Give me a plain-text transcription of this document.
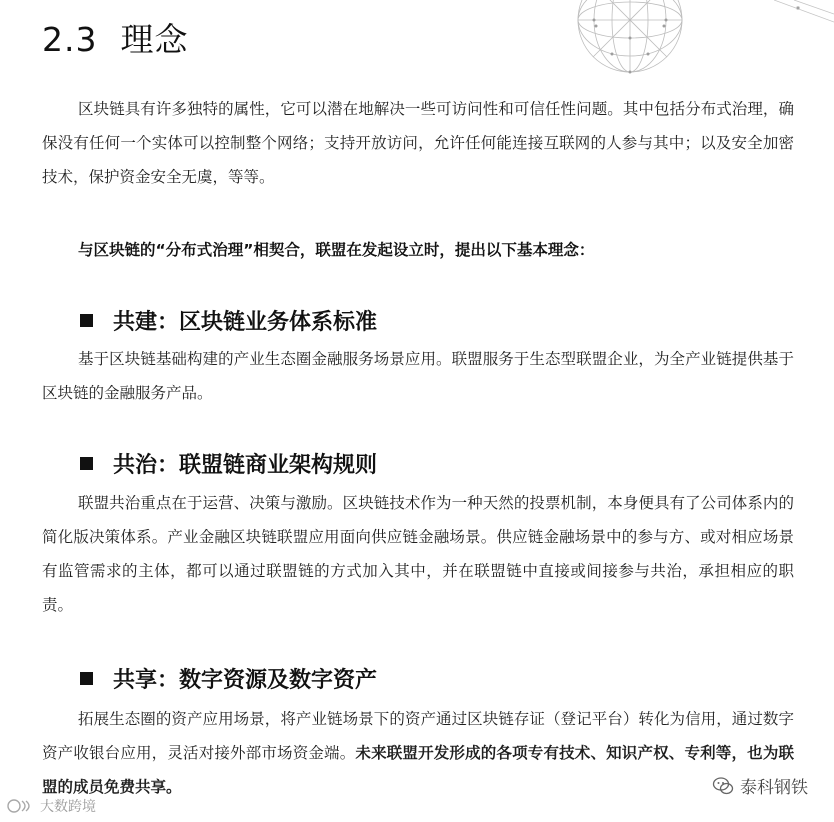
2.3 理念

区块链具有许多独特的属性，它可以潜在地解决一些可访问性和可信任性问题。其中包括分布式治理，确保没有任何一个实体可以控制整个网络；支持开放访问，允许任何能连接互联网的人参与其中；以及安全加密技术，保护资金安全无虞，等等。

与区块链的“分布式治理”相契合，联盟在发起设立时，提出以下基本理念：

共建：区块链业务体系标准

基于区块链基础构建的产业生态圈金融服务场景应用。联盟服务于生态型联盟企业，为全产业链提供基于区块链的金融服务产品。

共治：联盟链商业架构规则

联盟共治重点在于运营、决策与激励。区块链技术作为一种天然的投票机制，本身便具有了公司体系内的简化版决策体系。产业金融区块链联盟应用面向供应链金融场景。供应链金融场景中的参与方、或对相应场景有监管需求的主体，都可以通过联盟链的方式加入其中，并在联盟链中直接或间接参与共治，承担相应的职责。

共享：数字资源及数字资产

拓展生态圈的资产应用场景，将产业链场景下的资产通过区块链存证（登记平台）转化为信用，通过数字资产收银台应用，灵活对接外部市场资金端。未来联盟开发形成的各项专有技术、知识产权、专利等，也为联盟的成员免费共享。

大数跨境
泰科钢铁
